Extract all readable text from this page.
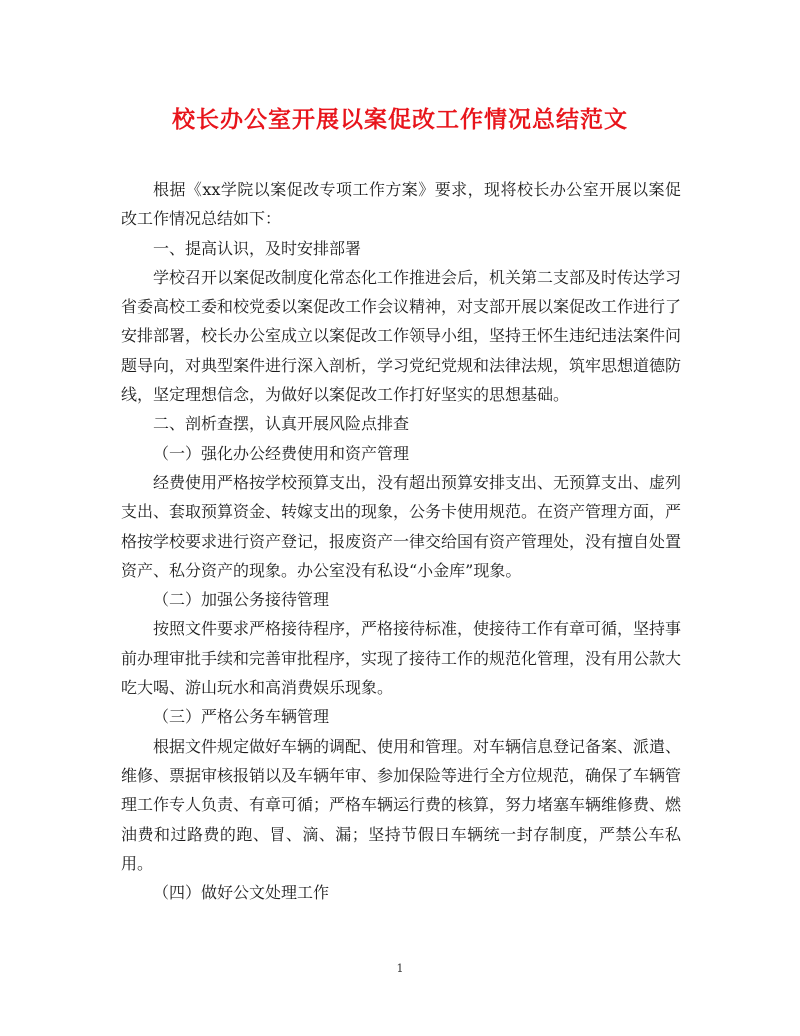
校长办公室开展以案促改工作情况总结范文

根据《xx学院以案促改专项工作方案》要求，现将校长办公室开展以案促改工作情况总结如下：

一、提高认识，及时安排部署

学校召开以案促改制度化常态化工作推进会后，机关第二支部及时传达学习省委高校工委和校党委以案促改工作会议精神，对支部开展以案促改工作进行了安排部署，校长办公室成立以案促改工作领导小组，坚持王怀生违纪违法案件问题导向，对典型案件进行深入剖析，学习党纪党规和法律法规，筑牢思想道德防线，坚定理想信念，为做好以案促改工作打好坚实的思想基础。

二、剖析查摆，认真开展风险点排查

（一）强化办公经费使用和资产管理

经费使用严格按学校预算支出，没有超出预算安排支出、无预算支出、虚列支出、套取预算资金、转嫁支出的现象，公务卡使用规范。在资产管理方面，严格按学校要求进行资产登记，报废资产一律交给国有资产管理处，没有擅自处置资产、私分资产的现象。办公室没有私设“小金库”现象。

（二）加强公务接待管理

按照文件要求严格接待程序，严格接待标准，使接待工作有章可循，坚持事前办理审批手续和完善审批程序，实现了接待工作的规范化管理，没有用公款大吃大喝、游山玩水和高消费娱乐现象。

（三）严格公务车辆管理

根据文件规定做好车辆的调配、使用和管理。对车辆信息登记备案、派遣、维修、票据审核报销以及车辆年审、参加保险等进行全方位规范，确保了车辆管理工作专人负责、有章可循；严格车辆运行费的核算，努力堵塞车辆维修费、燃油费和过路费的跑、冒、滴、漏；坚持节假日车辆统一封存制度，严禁公车私用。

（四）做好公文处理工作

1
